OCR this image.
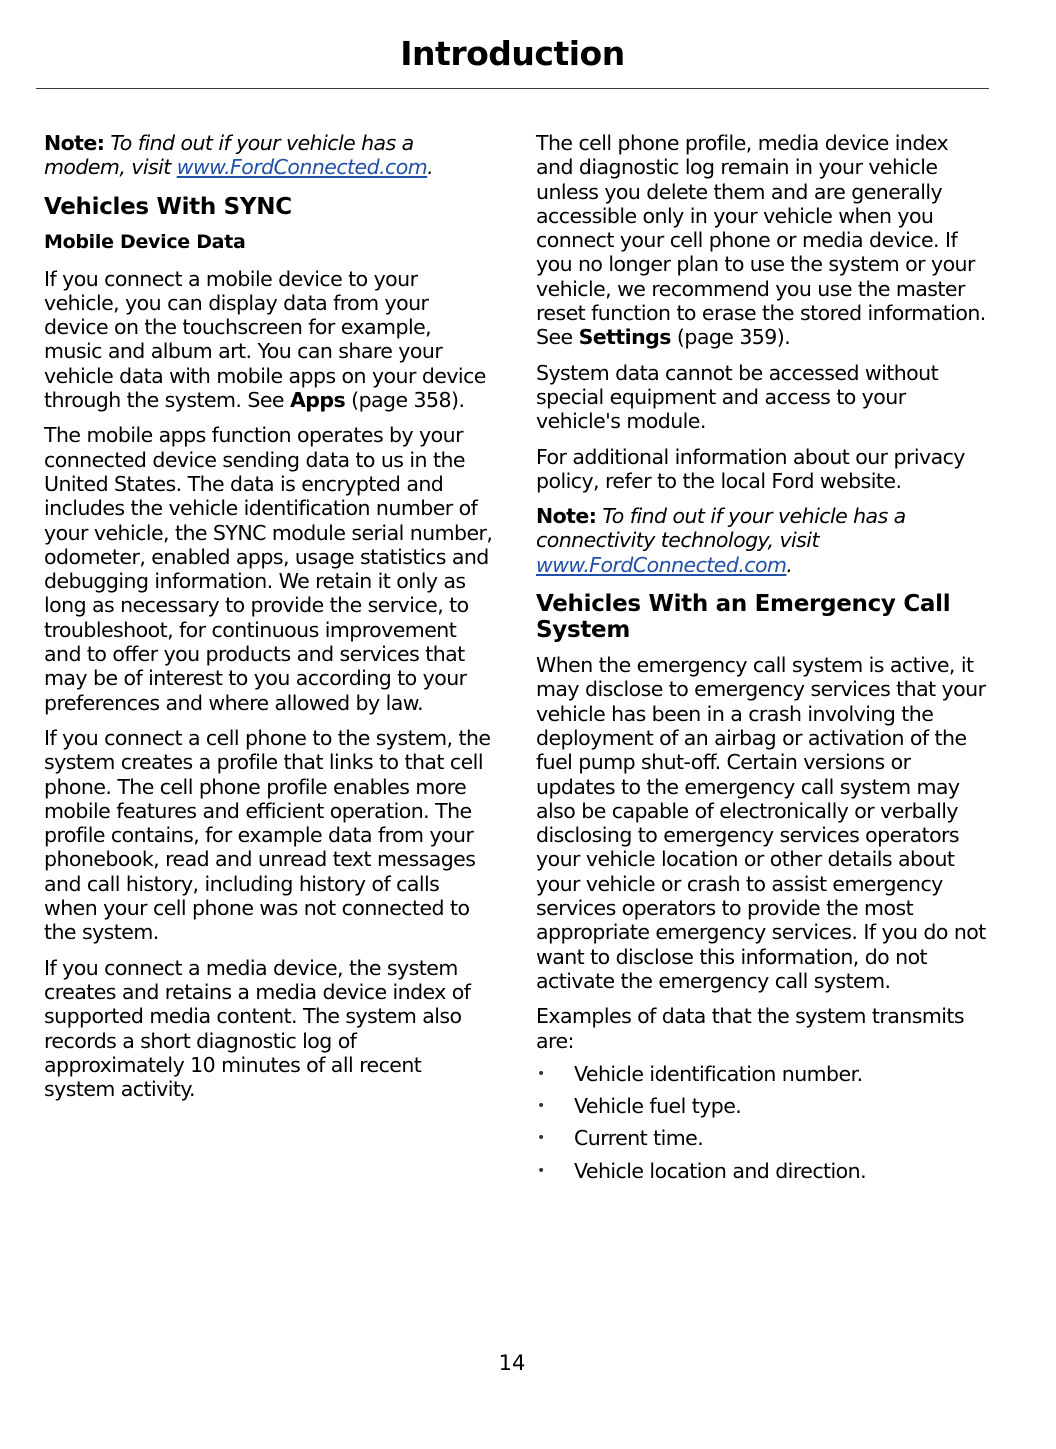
Introduction

Note: To find out if your vehicle has a modem, visit www.FordConnected.com.

Vehicles With SYNC
Mobile Device Data

If you connect a mobile device to your vehicle, you can display data from your device on the touchscreen for example, music and album art. You can share your vehicle data with mobile apps on your device through the system. See Apps (page 358).

The mobile apps function operates by your connected device sending data to us in the United States. The data is encrypted and includes the vehicle identification number of your vehicle, the SYNC module serial number, odometer, enabled apps, usage statistics and debugging information. We retain it only as long as necessary to provide the service, to troubleshoot, for continuous improvement and to offer you products and services that may be of interest to you according to your preferences and where allowed by law.

If you connect a cell phone to the system, the system creates a profile that links to that cell phone. The cell phone profile enables more mobile features and efficient operation. The profile contains, for example data from your phonebook, read and unread text messages and call history, including history of calls when your cell phone was not connected to the system.

If you connect a media device, the system creates and retains a media device index of supported media content. The system also records a short diagnostic log of approximately 10 minutes of all recent system activity.

The cell phone profile, media device index and diagnostic log remain in your vehicle unless you delete them and are generally accessible only in your vehicle when you connect your cell phone or media device. If you no longer plan to use the system or your vehicle, we recommend you use the master reset function to erase the stored information. See Settings (page 359).

System data cannot be accessed without special equipment and access to your vehicle's module.

For additional information about our privacy policy, refer to the local Ford website.

Note: To find out if your vehicle has a connectivity technology, visit www.FordConnected.com.

Vehicles With an Emergency Call System

When the emergency call system is active, it may disclose to emergency services that your vehicle has been in a crash involving the deployment of an airbag or activation of the fuel pump shut-off. Certain versions or updates to the emergency call system may also be capable of electronically or verbally disclosing to emergency services operators your vehicle location or other details about your vehicle or crash to assist emergency services operators to provide the most appropriate emergency services. If you do not want to disclose this information, do not activate the emergency call system.

Examples of data that the system transmits are:

• Vehicle identification number.
• Vehicle fuel type.
• Current time.
• Vehicle location and direction.
14
